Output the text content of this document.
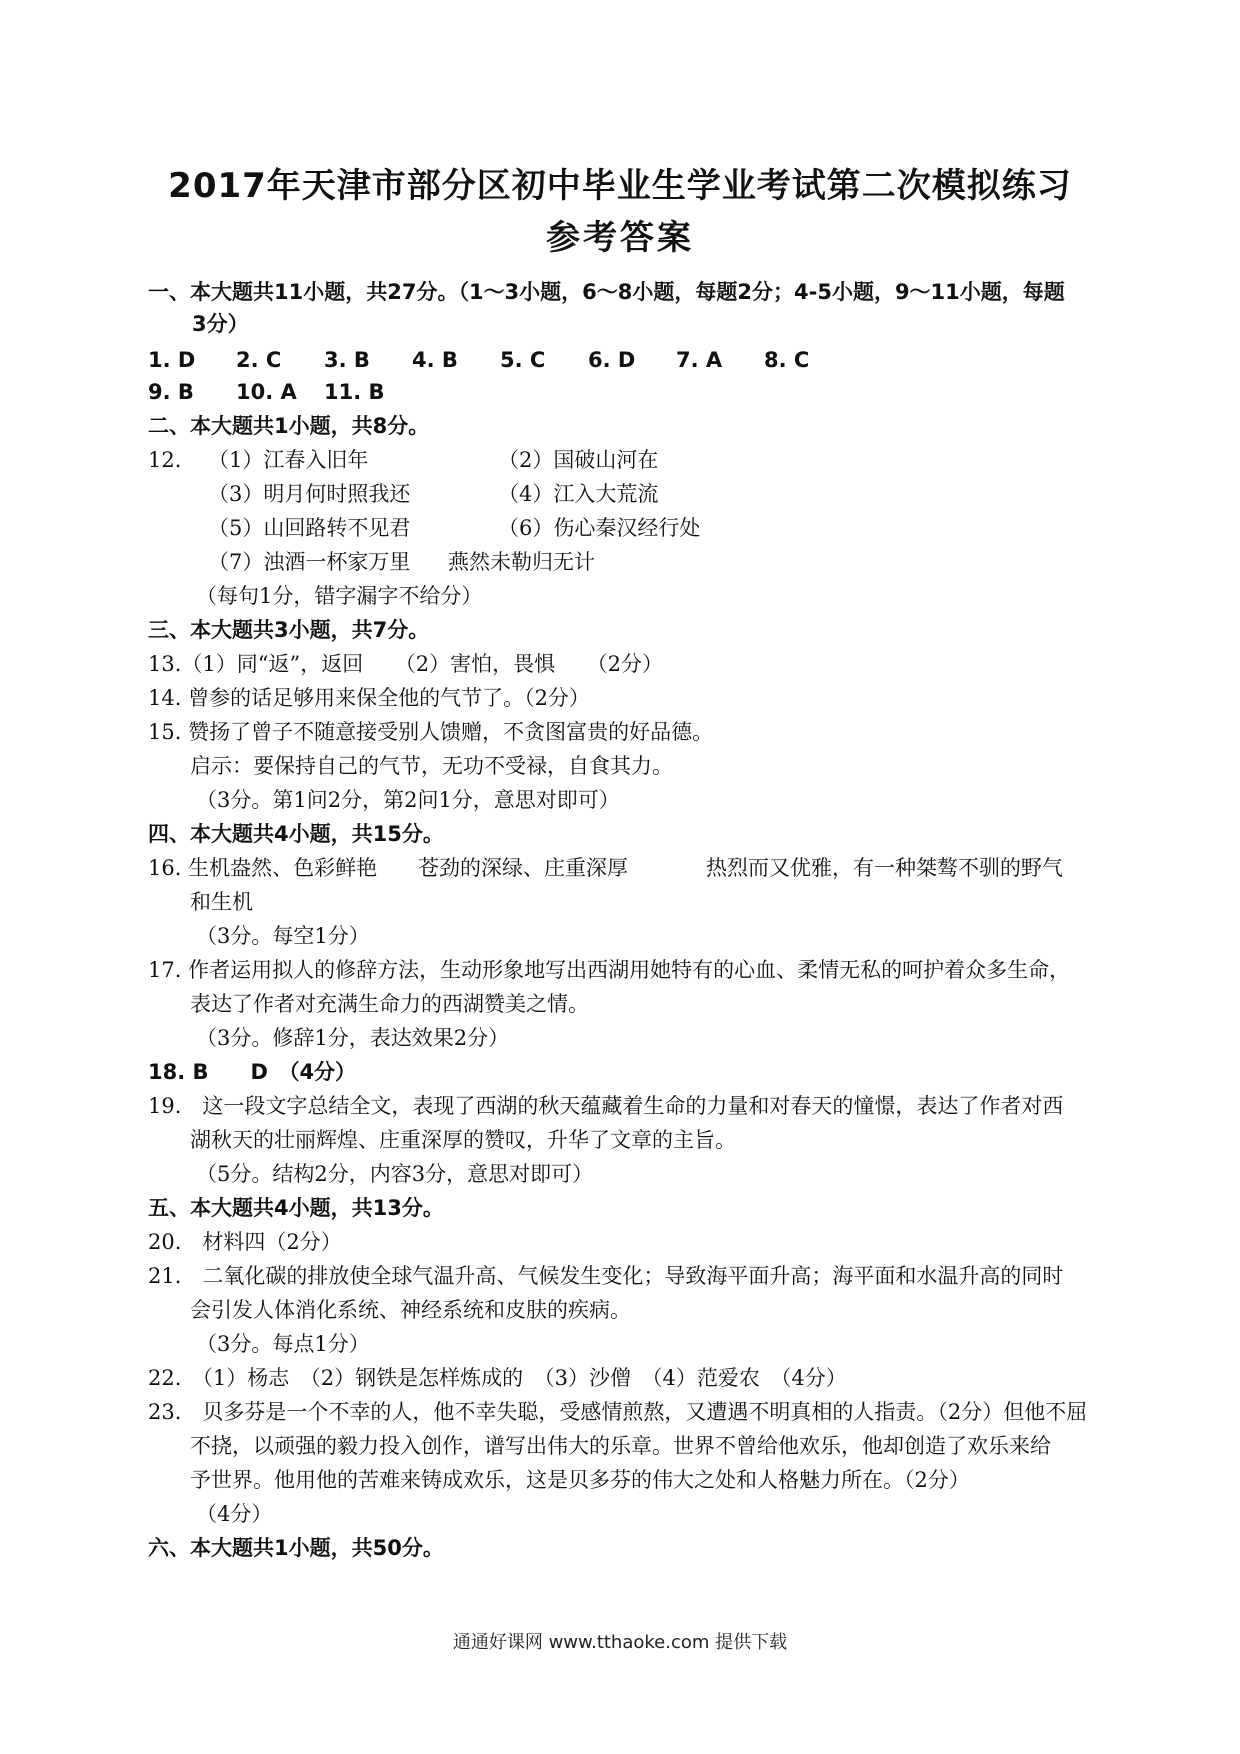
2017年天津市部分区初中毕业生学业考试第二次模拟练习
参考答案
一、本大题共11小题，共27分。（1～3小题，6～8小题，每题2分；4-5小题，9～11小题，每题
3分）
1. D 2. C 3. B 4. B 5. C 6. D 7. A 8. C
9. B 10. A 11. B
二、本大题共1小题，共8分。
12. （1）江春入旧年	（2）国破山河在
（3）明月何时照我还	（4）江入大荒流
（5）山回路转不见君	（6）伤心秦汉经行处
（7）浊酒一杯家万里 燕然未勒归无计
（每句1分，错字漏字不给分）
三、本大题共3小题，共7分。
13.（1）同“返”，返回　　（2）害怕，畏惧　　（2分）
14. 曾参的话足够用来保全他的气节了。（2分）
15. 赞扬了曾子不随意接受别人馈赠，不贪图富贵的好品德。
启示：要保持自己的气节，无功不受禄，自食其力。
（3分。第1问2分，第2问1分，意思对即可）
四、本大题共4小题，共15分。
16. 生机盎然、色彩鲜艳 苍劲的深绿、庄重深厚	热烈而又优雅，有一种桀骜不驯的野气
和生机
（3分。每空1分）
17. 作者运用拟人的修辞方法，生动形象地写出西湖用她特有的心血、柔情无私的呵护着众多生命，
表达了作者对充满生命力的西湖赞美之情。
（3分。修辞1分，表达效果2分）
18. B　　D　（4分）
19.　这一段文字总结全文，表现了西湖的秋天蕴藏着生命的力量和对春天的憧憬，表达了作者对西
湖秋天的壮丽辉煌、庄重深厚的赞叹，升华了文章的主旨。
（5分。结构2分，内容3分，意思对即可）
五、本大题共4小题，共13分。
20.　材料四（2分）
21.　二氧化碳的排放使全球气温升高、气候发生变化；导致海平面升高；海平面和水温升高的同时
会引发人体消化系统、神经系统和皮肤的疾病。
（3分。每点1分）
22.　（1）杨志　（2）钢铁是怎样炼成的　（3）沙僧　（4）范爱农　（4分）
23.　贝多芬是一个不幸的人，他不幸失聪，受感情煎熬，又遭遇不明真相的人指责。（2分）但他不屈
不挠，以顽强的毅力投入创作，谱写出伟大的乐章。世界不曾给他欢乐，他却创造了欢乐来给
予世界。他用他的苦难来铸成欢乐，这是贝多芬的伟大之处和人格魅力所在。（2分）
（4分）
六、本大题共1小题，共50分。
通通好课网 www.tthaoke.com 提供下载
